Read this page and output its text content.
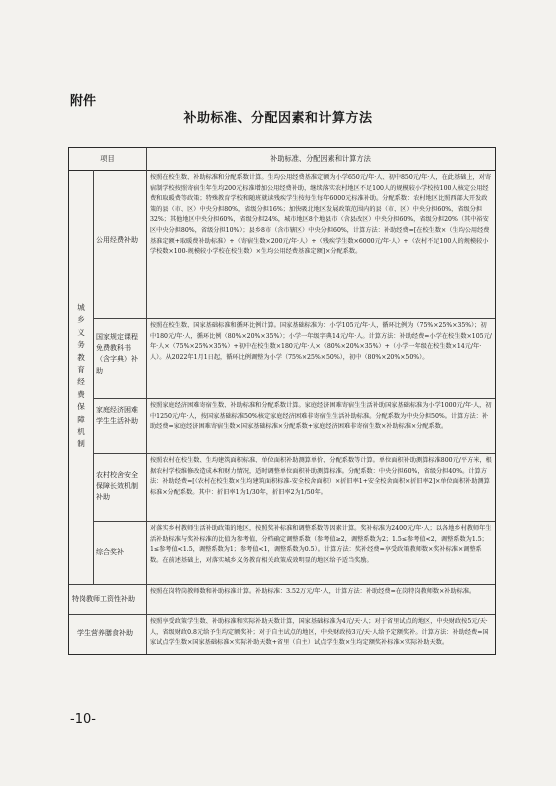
附件
补助标准、分配因素和计算方法
项目	补助标准、分配因素和计算方法
城乡义务教育经费保障机制
公用经费补助
按照在校生数、补助标准和分配系数计算。生均公用经费基准定额为小学650元/年·人、初中850元/年·人，在此基础上，对寄宿制学校按照寄宿生年生均200元标准增加公用经费补助，继续落实农村地区不足100人的规模较小学校按100人核定公用经费和取暖费等政策；特殊教育学校和随班就读残疾学生按每生每年6000元标准补助。分配系数：农村地区比照西部大开发政策的县（市、区）中央分担80%，省级分担16%；加快吸北地区发展政策范围内的县（市、区）中央分担60%，省级分担32%；其他地区中央分担60%，省级分担24%，城市地区8个地县市（含县改区）中央分担60%，省级分担20%（其中裕安区中央分担80%，省级分担10%）；县乡8市（含市辖区）中央分担60%，计算方法：补助经费=[在校生数×（生均公用经费基准定额+取暖费补助标准）+（寄宿生数×200元/年·人）+（残疾学生数×6000元/年·人）+（农村不足100人的规模较小学校数×100-规模较小学校在校生数）×生均公用经费基准定额]×分配系数。
国家规定课程免费教科书（含字典）补助
按照在校生数、国家基础标准和循环比例计算。国家基础标准为：小学105元/年·人，循环比例为（75%×25%×35%）；初中180元/年·人，循环比例（80%×20%×35%）；小学一年级字典14元/年·人。计算方法：补助经费=小学在校生数×105元/年·人×（75%×25%×35%）+初中在校生数×180元/年·人×（80%×20%×35%）+（小学一年级在校生数×14元/年·人）。从2022年1月1日起，循环比例调整为小学（75%×25%×50%），初中（80%×20%×50%）。
家庭经济困难学生生活补助
按照家庭经济困难寄宿生数、补助标准和分配系数计算。家庭经济困难寄宿生生活补助国家基础标准为小学1000元/年·人，初中1250元/年·人，按国家基础标准50%核定家庭经济困难非寄宿生生活补助标准。分配系数为中央分担50%。计算方法：补助经费=家庭经济困难寄宿生数×国家基础标准×分配系数+家庭经济困难非寄宿生数×补助标准×分配系数。
农村校舍安全保障长效机制补助
按照农村在校生数、生均建筑面积标准、单位面积补助测算单价、分配系数等计算。单位面积补助测算标准800元/平方米，根据农村学校维修改造成本和财力情况，适时调整单位面积补助测算标准。分配系数：中央分担60%，省级分担40%。计算方法：补助经费=[（农村在校生数×生均建筑面积标准-安全校舍面积）×折旧率1+安全校舍面积×折旧率2]×单位面积补助测算标准×分配系数。其中：折旧率1为1/30年，折旧率2为1/50年。
综合奖补
对落实乡村教师生活补助政策的地区，按照奖补标准和调整系数等因素计算。奖补标准为2400元/年·人；以各地乡村教师年生活补助标准与奖补标准的比值为参考值，分档确定调整系数（参考值≥2，调整系数为2；1.5≤参考值<2，调整系数为1.5；1≤参考值<1.5，调整系数为1；参考值<1，调整系数为0.5）。计算方法：奖补经费=享受政策教师数×奖补标准×调整系数。在前述基础上，对落实城乡义务教育相关政策成效明显的地区给予适当奖励。
特岗教师工资性补助
按照在岗特岗教师数和补助标准计算。补助标准：3.52万元/年·人，计算方法：补助经费=在岗特岗教师数×补助标准。
学生营养膳食补助
按照享受政策学生数、补助标准和实际补助天数计算，国家基础标准为4元/天·人；对于省里试点的地区，中央财政按5元/天·人，省级财政0.8元给予生均定额奖补；对于自主试点的地区，中央财政按3元/天·人给予定额奖补。计算方法：补助经费=国家试点学生数×国家基础标准×实际补助天数+省里（自主）试点学生数×生均定额奖补标准×实际补助天数。
-10-
